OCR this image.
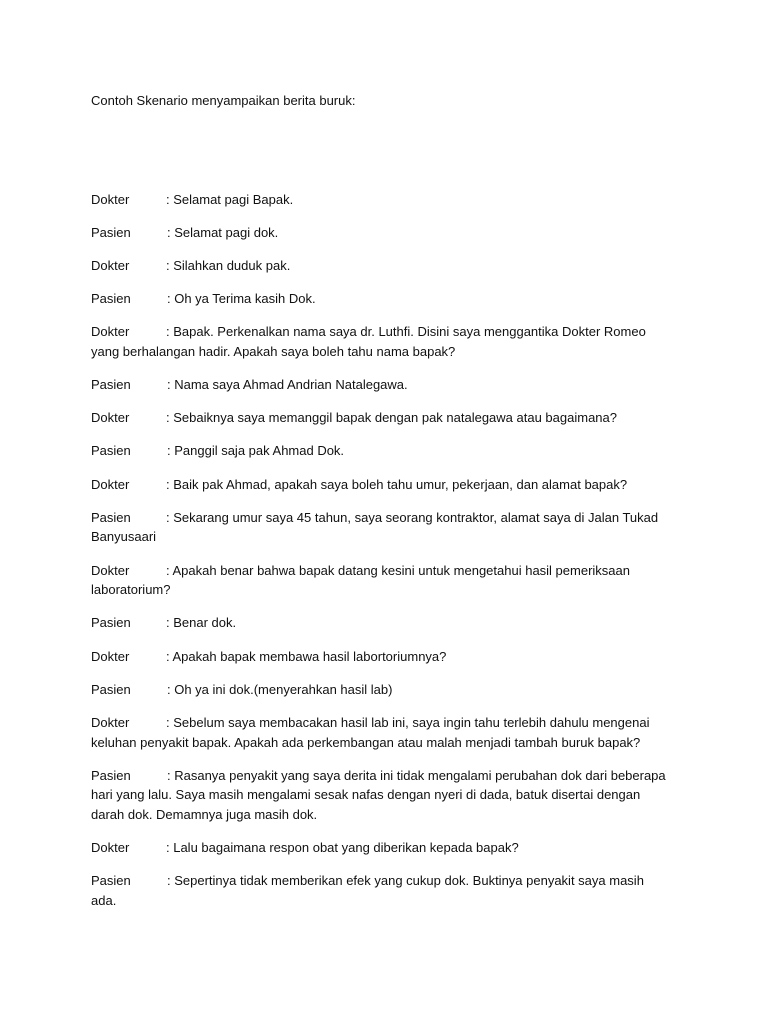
Contoh Skenario menyampaikan berita buruk:

Dokter	: Selamat pagi Bapak.

Pasien	: Selamat pagi dok.

Dokter	: Silahkan duduk pak.

Pasien	: Oh ya Terima kasih Dok.

Dokter	: Bapak. Perkenalkan nama saya dr. Luthfi. Disini saya menggantika Dokter Romeo yang berhalangan hadir. Apakah saya boleh tahu nama bapak?

Pasien	: Nama saya Ahmad Andrian Natalegawa.

Dokter	: Sebaiknya saya memanggil bapak dengan pak natalegawa atau bagaimana?

Pasien	: Panggil saja pak Ahmad Dok.

Dokter	: Baik pak Ahmad, apakah saya boleh tahu umur, pekerjaan, dan alamat bapak?

Pasien	: Sekarang umur saya 45 tahun, saya seorang kontraktor, alamat saya di Jalan Tukad Banyusaari

Dokter	: Apakah benar bahwa bapak datang kesini untuk mengetahui hasil pemeriksaan laboratorium?

Pasien	: Benar dok.

Dokter	: Apakah bapak membawa hasil labortoriumnya?

Pasien	: Oh ya ini dok.(menyerahkan hasil lab)

Dokter	: Sebelum saya membacakan hasil lab ini, saya ingin tahu terlebih dahulu mengenai keluhan penyakit bapak. Apakah ada perkembangan atau malah menjadi tambah buruk bapak?

Pasien	: Rasanya penyakit yang saya derita ini tidak mengalami perubahan dok dari beberapa hari yang lalu. Saya masih mengalami sesak nafas dengan nyeri di dada, batuk disertai dengan darah dok. Demamnya juga masih dok.

Dokter	: Lalu bagaimana respon obat yang diberikan kepada bapak?

Pasien	: Sepertinya tidak memberikan efek yang cukup dok. Buktinya penyakit saya masih ada.
